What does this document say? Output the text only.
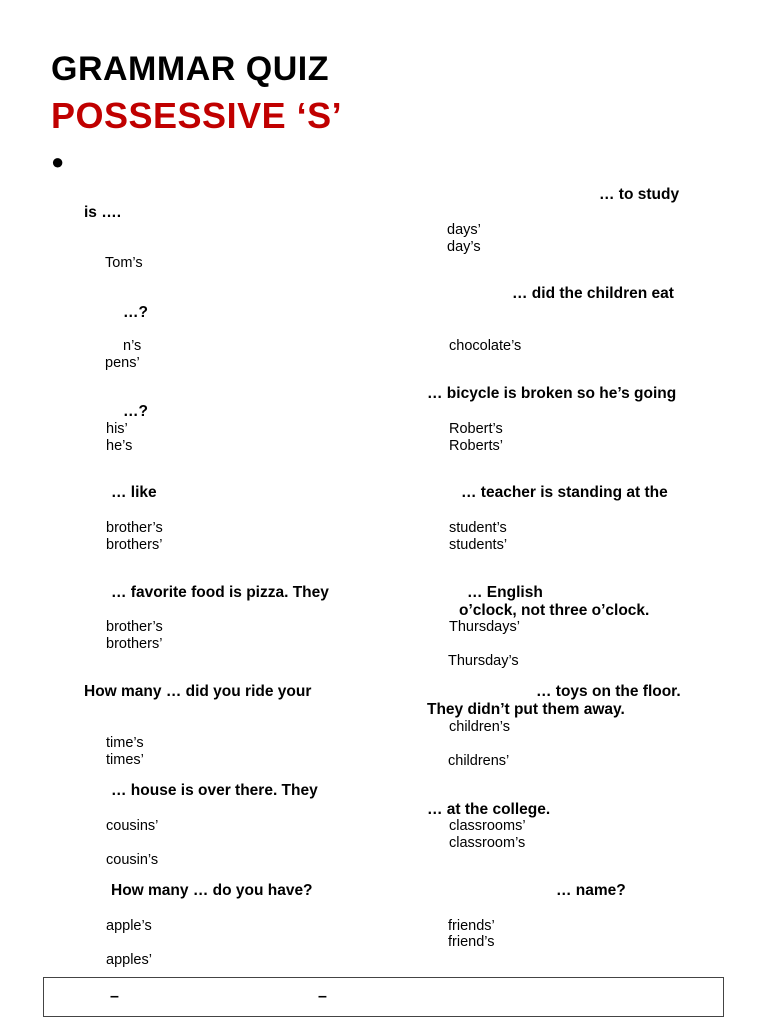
GRAMMAR QUIZ
POSSESSIVE ‘S’
●
is ….
Tom’s
…?
n’s
pens’
…?
his’
he’s
… like
brother’s
brothers’
… favorite food is pizza. They
brother’s
brothers’
How many … did you ride your
time’s
times’
… house is over there. They
cousins’
cousin’s
How many … do you have?
apple’s
apples’
… to study
days’
day’s
… did the children eat
chocolate’s
… bicycle is broken so he’s going
Robert’s
Roberts’
… teacher is standing at the
student’s
students’
… English
o’clock, not three o’clock.
Thursdays’
Thursday’s
… toys on the floor.
They didn’t put them away.
children’s
childrens’
… at the college.
classrooms’
classroom’s
… name?
friends’
friend’s
–	–
